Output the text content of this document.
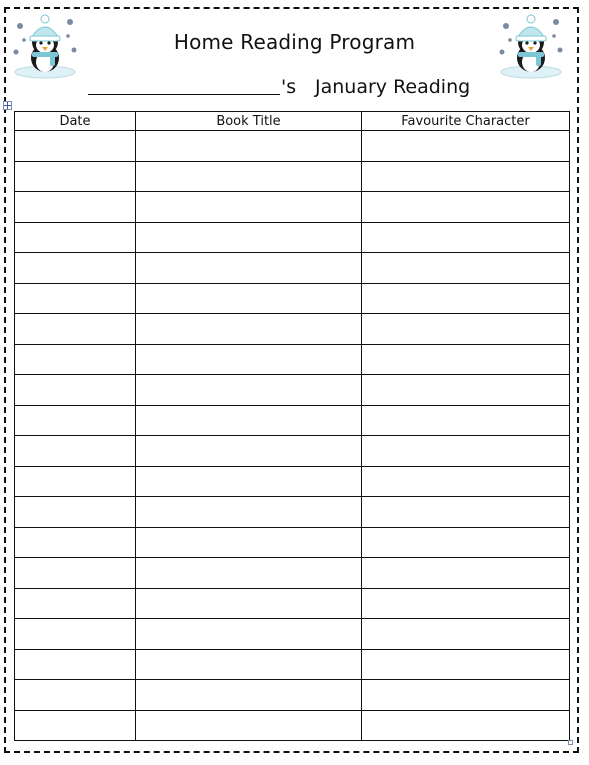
Home Reading Program
's January Reading
Date	Book Title	Favourite Character
